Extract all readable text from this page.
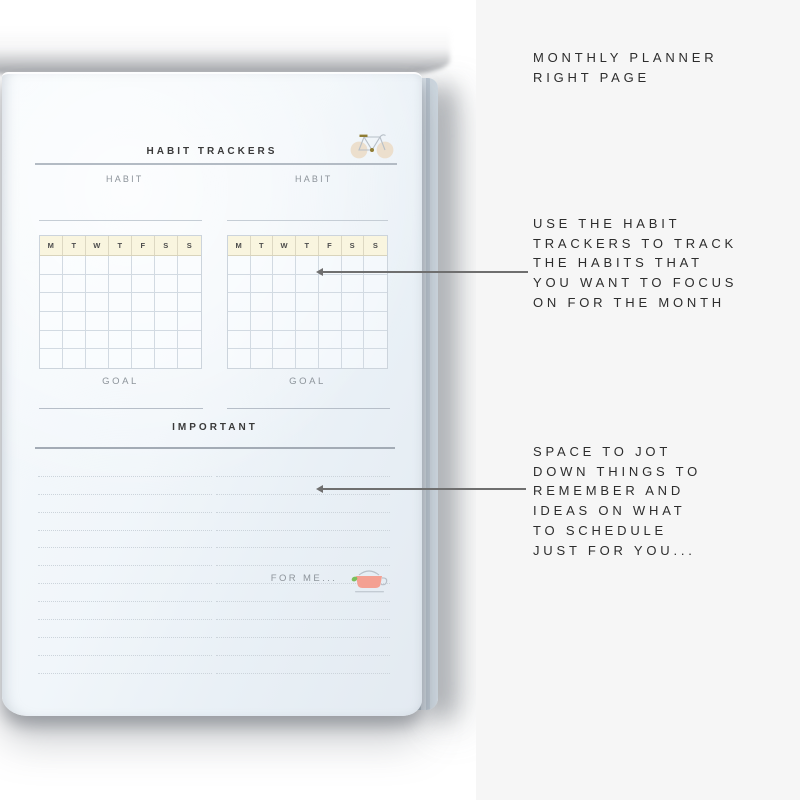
HABIT TRACKERS
HABIT	HABIT
M	T	W	T	F	S	S	M	T	W	T	F	S	S
GOAL	GOAL
IMPORTANT
FOR ME...
MONTHLY PLANNER
RIGHT PAGE
USE THE HABIT
TRACKERS TO TRACK
THE HABITS THAT
YOU WANT TO FOCUS
ON FOR THE MONTH
SPACE TO JOT
DOWN THINGS TO
REMEMBER AND
IDEAS ON WHAT
TO SCHEDULE
JUST FOR YOU...
